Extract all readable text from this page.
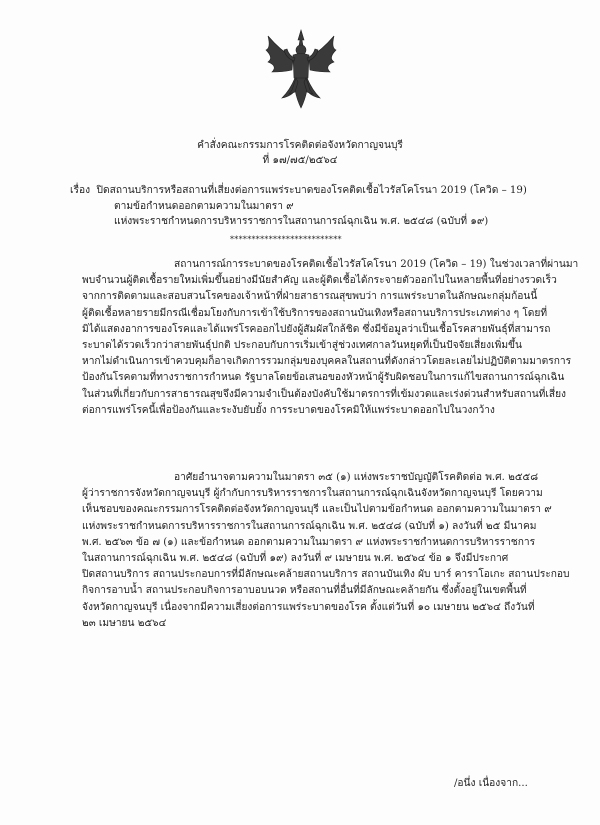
คำสั่งคณะกรรมการโรคติดต่อจังหวัดกาญจนบุรี
ที่ ๑๗/๗๕/๒๕๖๔
เรื่อง ปิดสถานบริการหรือสถานที่เสี่ยงต่อการแพร่ระบาดของโรคติดเชื้อไวรัสโคโรนา 2019 (โควิด – 19)
ตามข้อกำหนดออกตามความในมาตรา ๙
แห่งพระราชกำหนดการบริหารราชการในสถานการณ์ฉุกเฉิน พ.ศ. ๒๕๔๘ (ฉบับที่ ๑๙)
**************************
สถานการณ์การระบาดของโรคติดเชื้อไวรัสโคโรนา 2019 (โควิด – 19) ในช่วงเวลาที่ผ่านมา
พบจำนวนผู้ติดเชื้อรายใหม่เพิ่มขึ้นอย่างมีนัยสำคัญ และผู้ติดเชื้อได้กระจายตัวออกไปในหลายพื้นที่อย่างรวดเร็ว
จากการติดตามและสอบสวนโรคของเจ้าหน้าที่ฝ่ายสาธารณสุขพบว่า การแพร่ระบาดในลักษณะกลุ่มก้อนนี้
ผู้ติดเชื้อหลายรายมีกรณีเชื่อมโยงกับการเข้าใช้บริการของสถานบันเทิงหรือสถานบริการประเภทต่าง ๆ โดยที่
มิได้แสดงอาการของโรคและได้แพร่โรคออกไปยังผู้สัมผัสใกล้ชิด ซึ่งมีข้อมูลว่าเป็นเชื้อโรคสายพันธุ์ที่สามารถ
ระบาดได้รวดเร็วกว่าสายพันธุ์ปกติ ประกอบกับการเริ่มเข้าสู่ช่วงเทศกาลวันหยุดที่เป็นปัจจัยเสี่ยงเพิ่มขึ้น
หากไม่ดำเนินการเข้าควบคุมก็อาจเกิดการรวมกลุ่มของบุคคลในสถานที่ดังกล่าวโดยละเลยไม่ปฏิบัติตามมาตรการ
ป้องกันโรคตามที่ทางราชการกำหนด รัฐบาลโดยข้อเสนอของหัวหน้าผู้รับผิดชอบในการแก้ไขสถานการณ์ฉุกเฉิน
ในส่วนที่เกี่ยวกับการสาธารณสุขจึงมีความจำเป็นต้องบังคับใช้มาตรการที่เข้มงวดและเร่งด่วนสำหรับสถานที่เสี่ยง
ต่อการแพร่โรคนี้เพื่อป้องกันและระงับยับยั้ง การระบาดของโรคมิให้แพร่ระบาดออกไปในวงกว้าง
อาศัยอำนาจตามความในมาตรา ๓๕ (๑) แห่งพระราชบัญญัติโรคติดต่อ พ.ศ. ๒๕๕๘
ผู้ว่าราชการจังหวัดกาญจนบุรี ผู้กำกับการบริหารราชการในสถานการณ์ฉุกเฉินจังหวัดกาญจนบุรี โดยความ
เห็นชอบของคณะกรรมการโรคติดต่อจังหวัดกาญจนบุรี และเป็นไปตามข้อกำหนด ออกตามความในมาตรา ๙
แห่งพระราชกำหนดการบริหารราชการในสถานการณ์ฉุกเฉิน พ.ศ. ๒๕๔๘ (ฉบับที่ ๑) ลงวันที่ ๒๕ มีนาคม
พ.ศ. ๒๕๖๓ ข้อ ๗ (๑) และข้อกำหนด ออกตามความในมาตรา ๙ แห่งพระราชกำหนดการบริหารราชการ
ในสถานการณ์ฉุกเฉิน พ.ศ. ๒๕๔๘ (ฉบับที่ ๑๙) ลงวันที่ ๙ เมษายน พ.ศ. ๒๕๖๔ ข้อ ๑ จึงมีประกาศ
ปิดสถานบริการ สถานประกอบการที่มีลักษณะคล้ายสถานบริการ สถานบันเทิง ผับ บาร์ คาราโอเกะ สถานประกอบ
กิจการอาบน้ำ สถานประกอบกิจการอาบอบนวด หรือสถานที่อื่นที่มีลักษณะคล้ายกัน ซึ่งตั้งอยู่ในเขตพื้นที่
จังหวัดกาญจนบุรี เนื่องจากมีความเสี่ยงต่อการแพร่ระบาดของโรค ตั้งแต่วันที่ ๑๐ เมษายน ๒๕๖๔ ถึงวันที่
๒๓ เมษายน ๒๕๖๔
/อนึ่ง เนื่องจาก...
